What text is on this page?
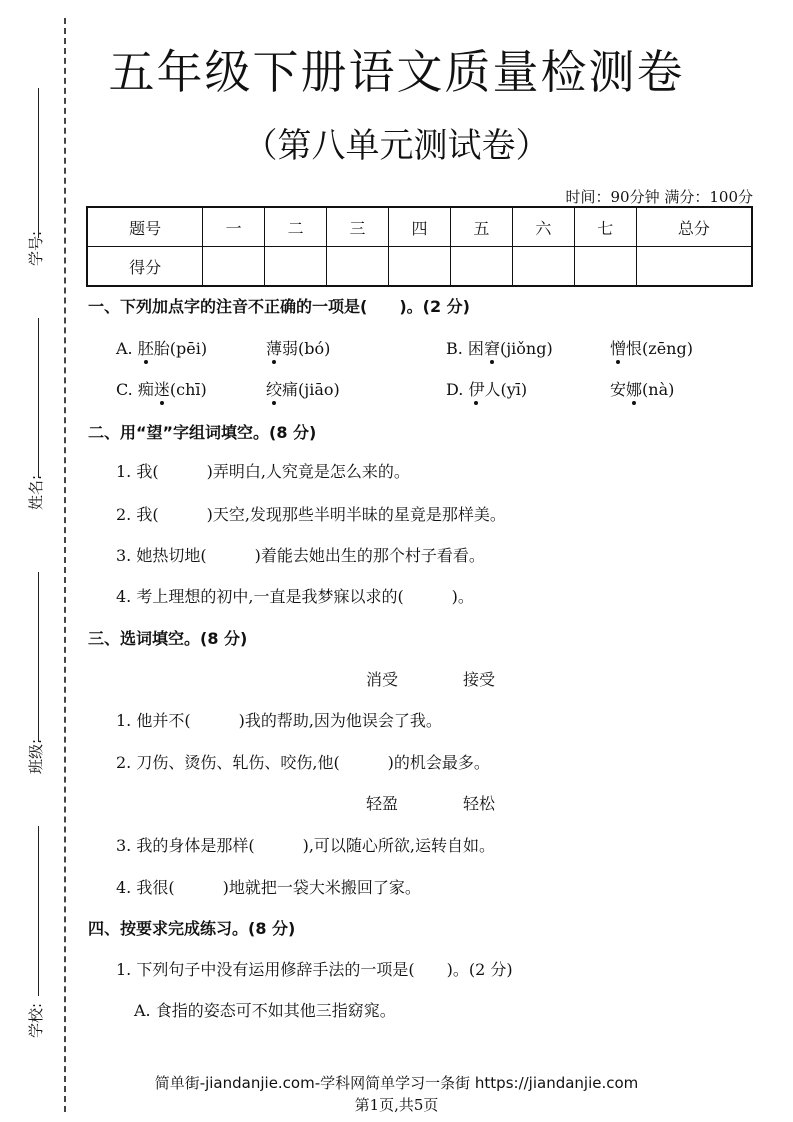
学号:
姓名:
班级:
学校:
五年级下册语文质量检测卷
（第八单元测试卷）
时间：90分钟 满分：100分
题号	一	二	三	四	五	六	七	总分
得分								
一、下列加点字的注音不正确的一项是(　　)。(2 分)
A. 胚胎(pēi)	薄弱(bó)	B. 困窘(jiǒng)	憎恨(zēng)
C. 痴迷(chī)	绞痛(jiāo)	D. 伊人(yī)	安娜(nà)
二、用“望”字组词填空。(8 分)
1. 我(　　　)弄明白,人究竟是怎么来的。
2. 我(　　　)天空,发现那些半明半昧的星竟是那样美。
3. 她热切地(　　　)着能去她出生的那个村子看看。
4. 考上理想的初中,一直是我梦寐以求的(　　　)。
三、选词填空。(8 分)
消受	接受
1. 他并不(　　　)我的帮助,因为他误会了我。
2. 刀伤、烫伤、轧伤、咬伤,他(　　　)的机会最多。
轻盈	轻松
3. 我的身体是那样(　　　),可以随心所欲,运转自如。
4. 我很(　　　)地就把一袋大米搬回了家。
四、按要求完成练习。(8 分)
1. 下列句子中没有运用修辞手法的一项是(　　)。(2 分)
A. 食指的姿态可不如其他三指窈窕。
简单街-jiandanjie.com-学科网简单学习一条街 https://jiandanjie.com
第1页,共5页
